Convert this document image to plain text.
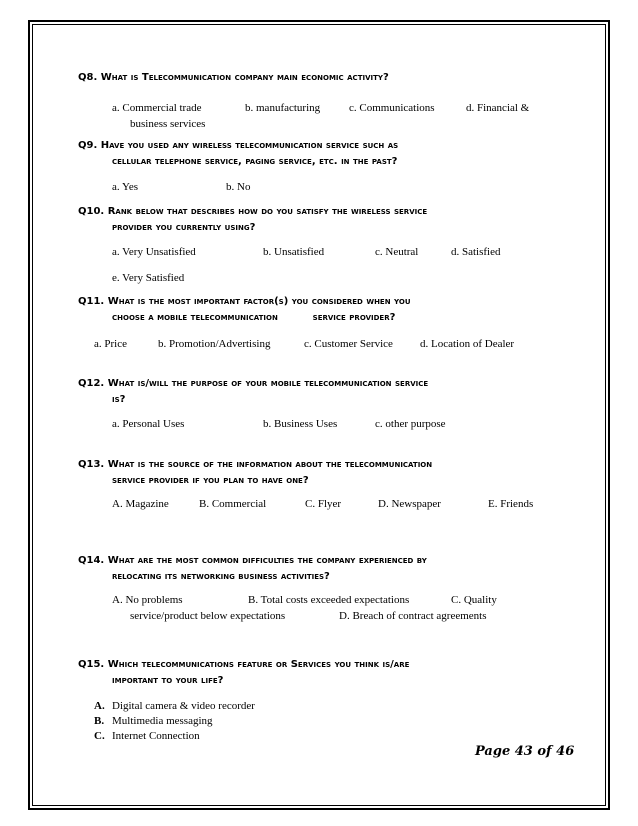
Q8. What is Telecommunication company main economic activity?
a. Commercial trade	b. manufacturing	c. Communications	d. Financial &
business services
Q9. Have you used any wireless telecommunication service such as
cellular telephone service, paging service, etc. in the past?
a. Yes	b. No
Q10. Rank below that describes how do you satisfy the wireless service
provider you currently using?
a. Very Unsatisfied	b. Unsatisfied	c. Neutral	d. Satisfied
e. Very Satisfied
Q11. What is the most important factor(s) you considered when you
choose a mobile telecommunication          service provider?
a. Price	b. Promotion/Advertising	c. Customer Service d. Location of Dealer
Q12. What is/will the purpose of your mobile telecommunication service
is?
a. Personal Uses	b. Business Uses	c. other purpose
Q13. What is the source of the information about the telecommunication
service provider if you plan to have one?
A. Magazine	B. Commercial	C. Flyer	D. Newspaper	E. Friends
Q14. What are the most common difficulties the company experienced by
relocating its networking business activities?
A. No problems	B. Total costs exceeded expectations	C. Quality
service/product below expectations	D. Breach of contract agreements
Q15. Which telecommunications feature or Services you think is/are
important to your life?
A. Digital camera & video recorder
B. Multimedia messaging
C. Internet Connection
Page 43 of 46
